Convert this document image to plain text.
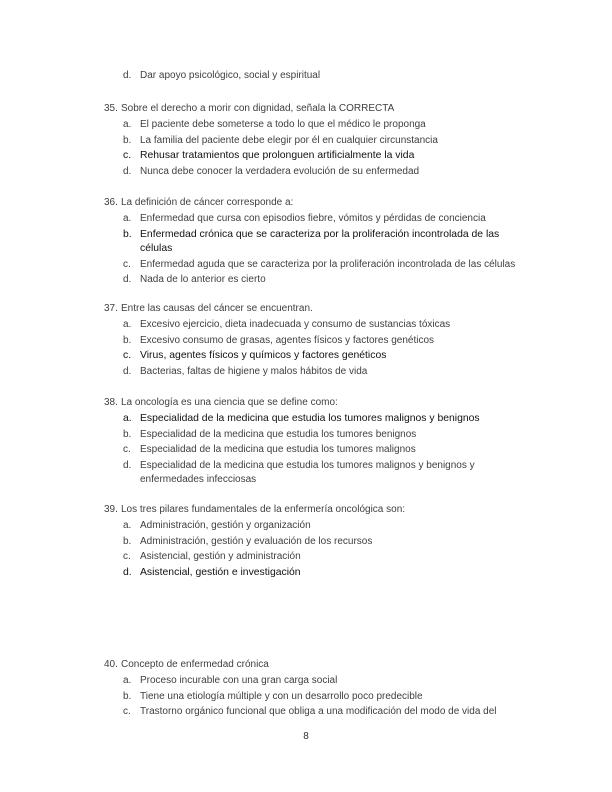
d. Dar apoyo psicológico, social y espiritual
35. Sobre el derecho a morir con dignidad, señala la CORRECTA
a. El paciente debe someterse a todo lo que el médico le proponga
b. La familia del paciente debe elegir por él en cualquier circunstancia
c. Rehusar tratamientos que prolonguen artificialmente la vida
d. Nunca debe conocer la verdadera evolución de su enfermedad
36. La definición de cáncer corresponde a:
a. Enfermedad que cursa con episodios fiebre, vómitos y pérdidas de conciencia
b. Enfermedad crónica que se caracteriza por la proliferación incontrolada de las
células
c. Enfermedad aguda que se caracteriza por la proliferación incontrolada de las células
d. Nada de lo anterior es cierto
37. Entre las causas del cáncer se encuentran.
a. Excesivo ejercicio, dieta inadecuada y consumo de sustancias tóxicas
b. Excesivo consumo de grasas, agentes físicos y factores genéticos
c. Virus, agentes físicos y químicos y factores genéticos
d. Bacterias, faltas de higiene y malos hábitos de vida
38. La oncología es una ciencia que se define como:
a. Especialidad de la medicina que estudia los tumores malignos y benignos
b. Especialidad de la medicina que estudia los tumores benignos
c. Especialidad de la medicina que estudia los tumores malignos
d. Especialidad de la medicina que estudia los tumores malignos y benignos y
enfermedades infecciosas
39. Los tres pilares fundamentales de la enfermería oncológica son:
a. Administración, gestión y organización
b. Administración, gestión y evaluación de los recursos
c. Asistencial, gestión y administración
d. Asistencial, gestión e investigación
40. Concepto de enfermedad crónica
a. Proceso incurable con una gran carga social
b. Tiene una etiología múltiple y con un desarrollo poco predecible
c. Trastorno orgánico funcional que obliga a una modificación del modo de vida del
8
